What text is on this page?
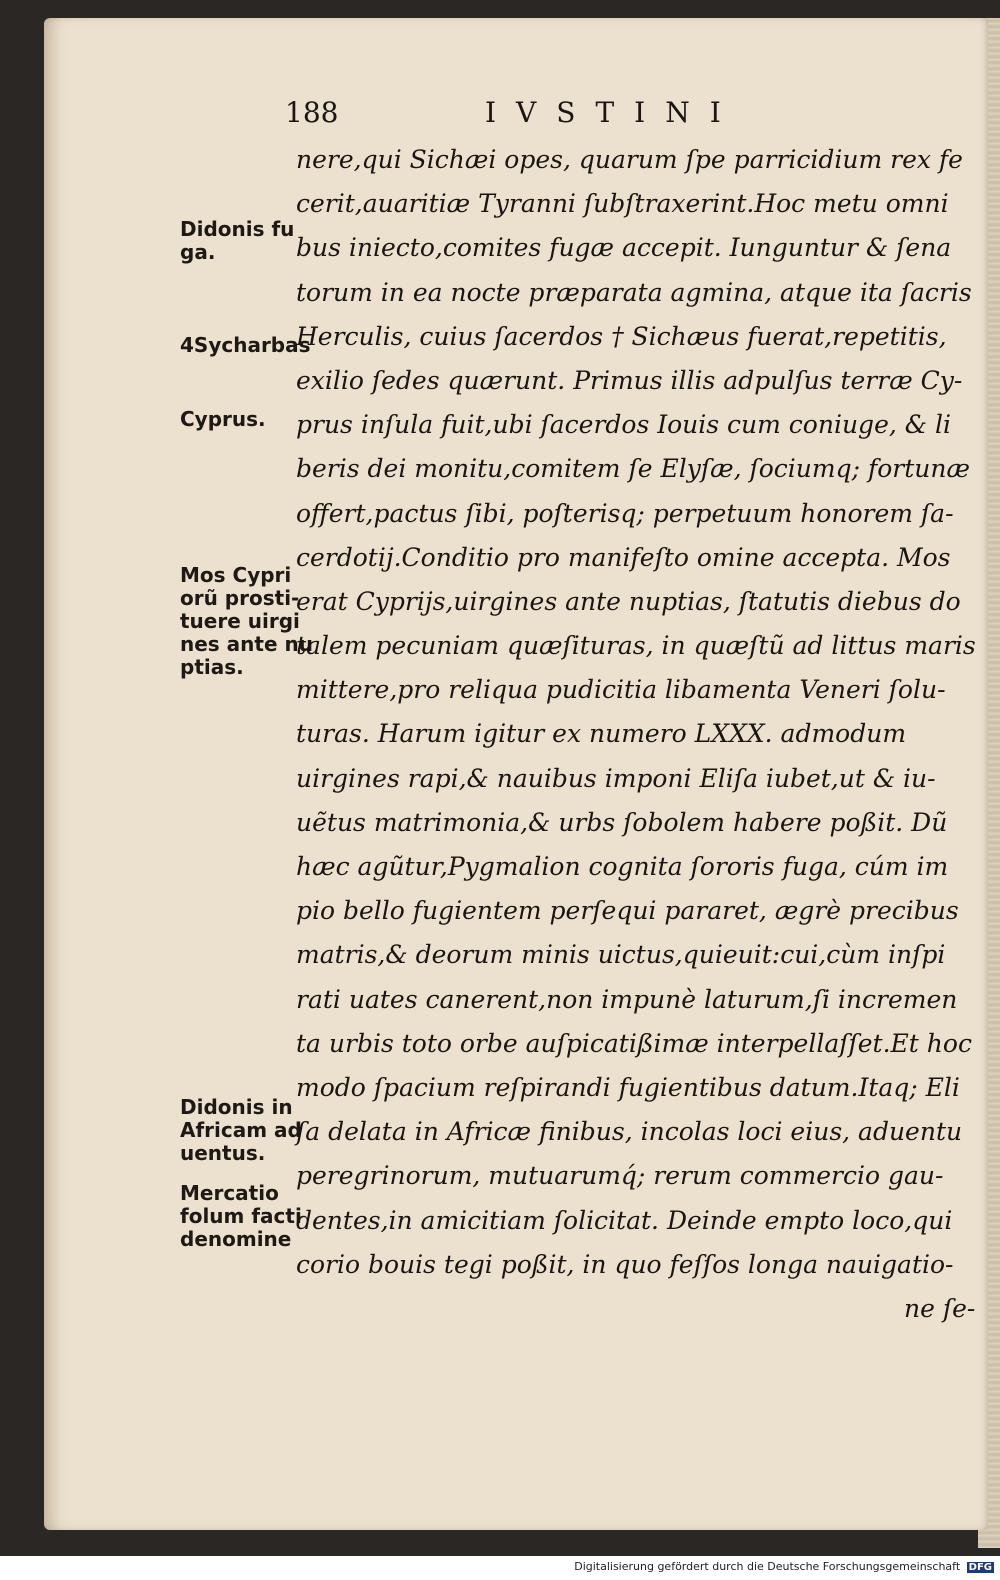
Didonis fu
ga.
4Sycharbas
Cyprus.
Mos Cypri
orũ prosti-
tuere uirgi
nes ante nu
ptias.
Didonis in
Africam ad
uentus.
Mercatio
folum facti
denomine
188	IVSTINI
nere,qui Sichæi opes, quarum ſpe parricidium rex fe
cerit,auaritiæ Tyranni ſubſtraxerint.Hoc metu omni
bus iniecto,comites fugæ accepit. Iunguntur & ſena
torum in ea nocte præparata agmina, atque ita ſacris
Herculis, cuius ſacerdos † Sichæus fuerat,repetitis,
exilio ſedes quærunt. Primus illis adpulſus terræ Cy-
prus inſula fuit,ubi ſacerdos Iouis cum coniuge, & li
beris dei monitu,comitem ſe Elyſæ, ſociumq; fortunæ
offert,pactus ſibi, poſterisq; perpetuum honorem ſa-
cerdotij.Conditio pro manifeſto omine accepta. Mos
erat Cyprijs,uirgines ante nuptias, ſtatutis diebus do
talem pecuniam quæſituras, in quæſtũ ad littus maris
mittere,pro reliqua pudicitia libamenta Veneri ſolu-
turas. Harum igitur ex numero LXXX. admodum
uirgines rapi,& nauibus imponi Eliſa iubet,ut & iu-
uẽtus matrimonia,& urbs ſobolem habere poßit. Dũ
hæc agũtur,Pygmalion cognita ſororis fuga, cúm im
pio bello fugientem perſequi pararet, ægrè precibus
matris,& deorum minis uictus,quieuit:cui,cùm inſpi
rati uates canerent,non impunè laturum,ſi incremen
ta urbis toto orbe auſpicatißimæ interpellaſſet.Et hoc
modo ſpacium reſpirandi fugientibus datum.Itaq; Eli
ſa delata in Africæ finibus, incolas loci eius, aduentu
peregrinorum, mutuarumq́; rerum commercio gau-
dentes,in amicitiam ſolicitat. Deinde empto loco,qui
corio bouis tegi poßit, in quo feſſos longa nauigatio-
ne ſe-
Digitalisierung gefördert durch die Deutsche Forschungsgemeinschaft DFG
